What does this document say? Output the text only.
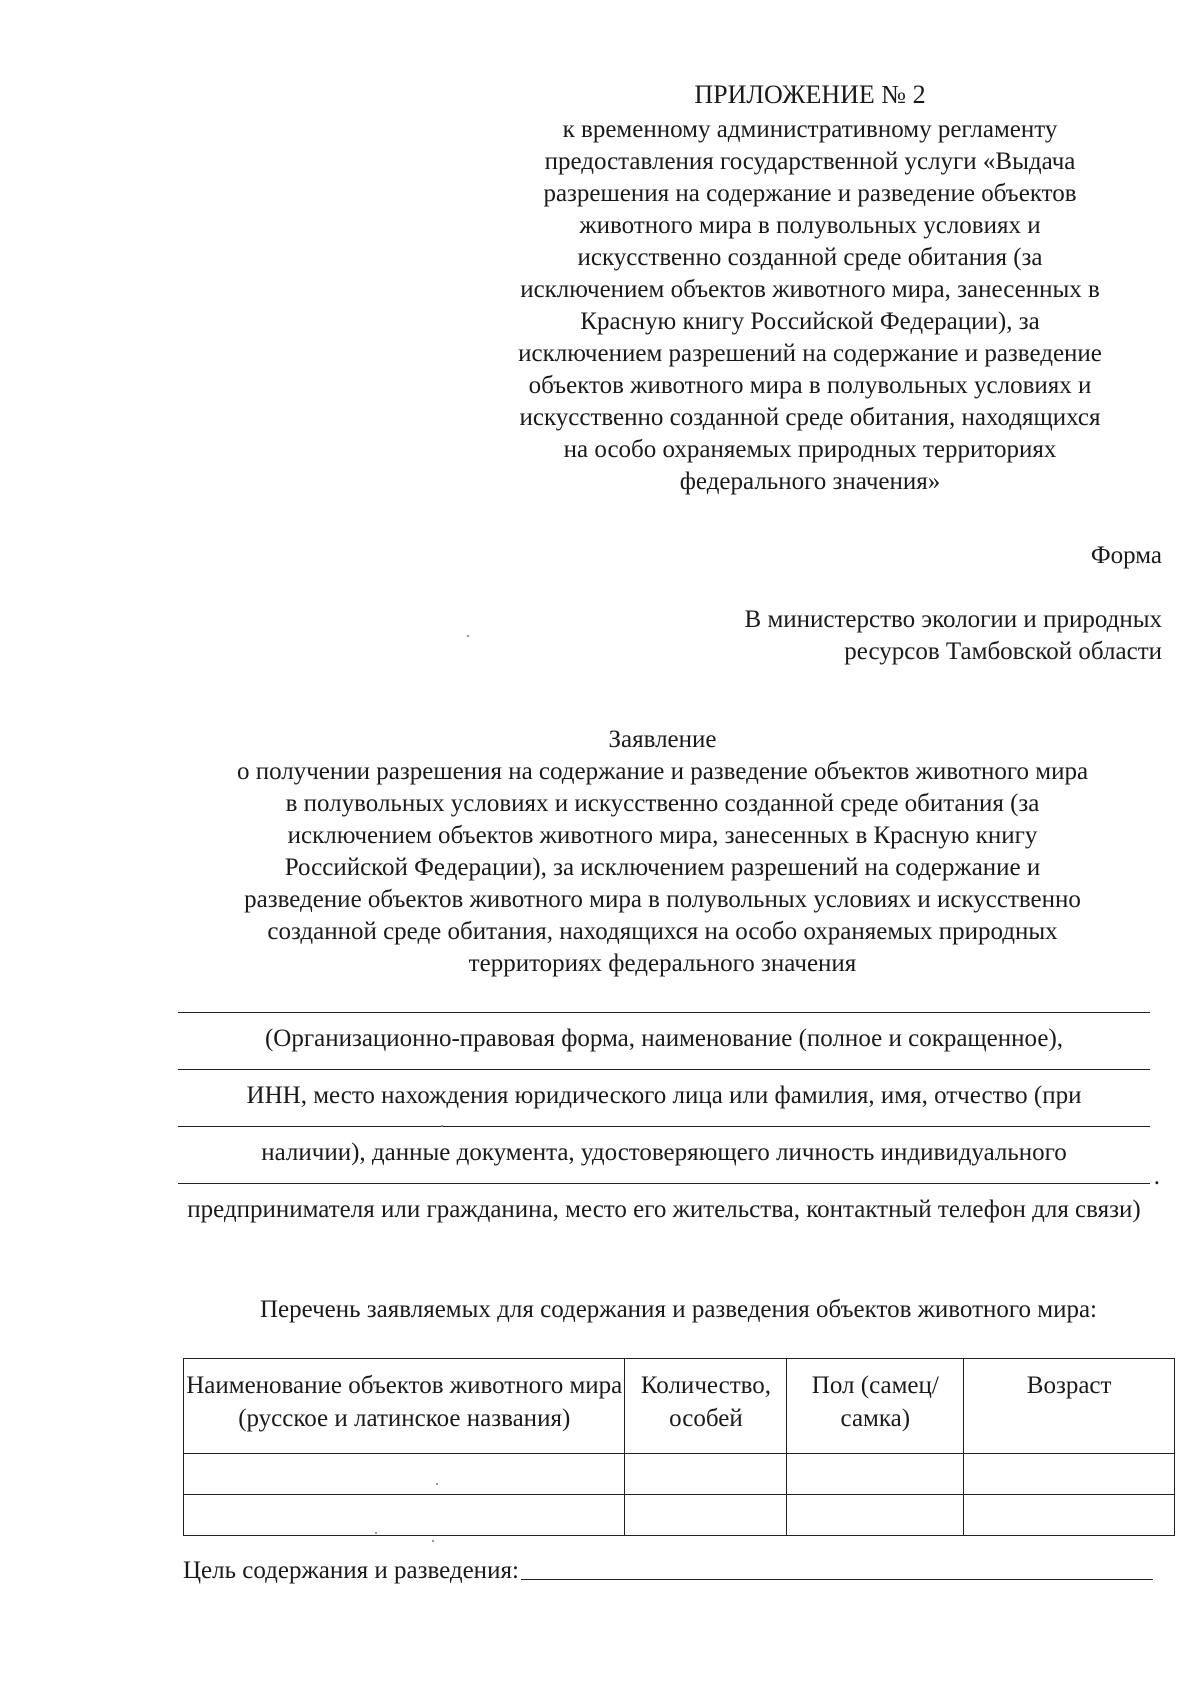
ПРИЛОЖЕНИЕ № 2
к временному административному регламенту
предоставления государственной услуги «Выдача
разрешения на содержание и разведение объектов
животного мира в полувольных условиях и
искусственно созданной среде обитания (за
исключением объектов животного мира, занесенных в
Красную книгу Российской Федерации), за
исключением разрешений на содержание и разведение
объектов животного мира в полувольных условиях и
искусственно созданной среде обитания, находящихся
на особо охраняемых природных территориях
федерального значения»
Форма
В министерство экологии и природных
ресурсов Тамбовской области
Заявление
о получении разрешения на содержание и разведение объектов животного мира
в полувольных условиях и искусственно созданной среде обитания (за
исключением объектов животного мира, занесенных в Красную книгу
Российской Федерации), за исключением разрешений на содержание и
разведение объектов животного мира в полувольных условиях и искусственно
созданной среде обитания, находящихся на особо охраняемых природных
территориях федерального значения
(Организационно-правовая форма, наименование (полное и сокращенное),
ИНН, место нахождения юридического лица или фамилия, имя, отчество (при
наличии), данные документа, удостоверяющего личность индивидуального
.
предпринимателя или гражданина, место его жительства, контактный телефон для связи)
Перечень заявляемых для содержания и разведения объектов животного мира:
Наименование объектов животного мира (русское и латинское названия)	Количество, особей	Пол (самец/самка)	Возраст

Цель содержания и разведения:
